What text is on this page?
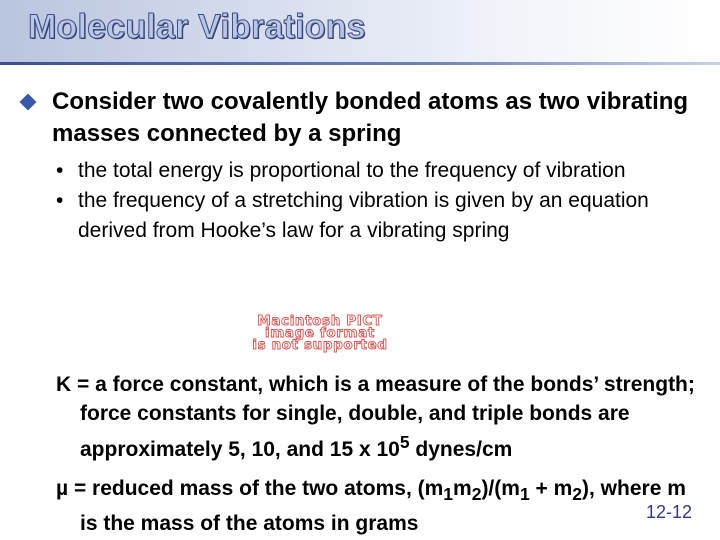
Molecular Vibrations
Consider two covalently bonded atoms as two vibrating masses connected by a spring
• the total energy is proportional to the frequency of vibration
• the frequency of a stretching vibration is given by an equation derived from Hooke’s law for a vibrating spring
Macintosh PICT
image format
is not supported
K = a force constant, which is a measure of the bonds’ strength; force constants for single, double, and triple bonds are approximately 5, 10, and 15 x $10^5$ dynes/cm
µ = reduced mass of the two atoms, $(m_1m_2)/(m_1 + m_2)$, where m is the mass of the atoms in grams
12-12
